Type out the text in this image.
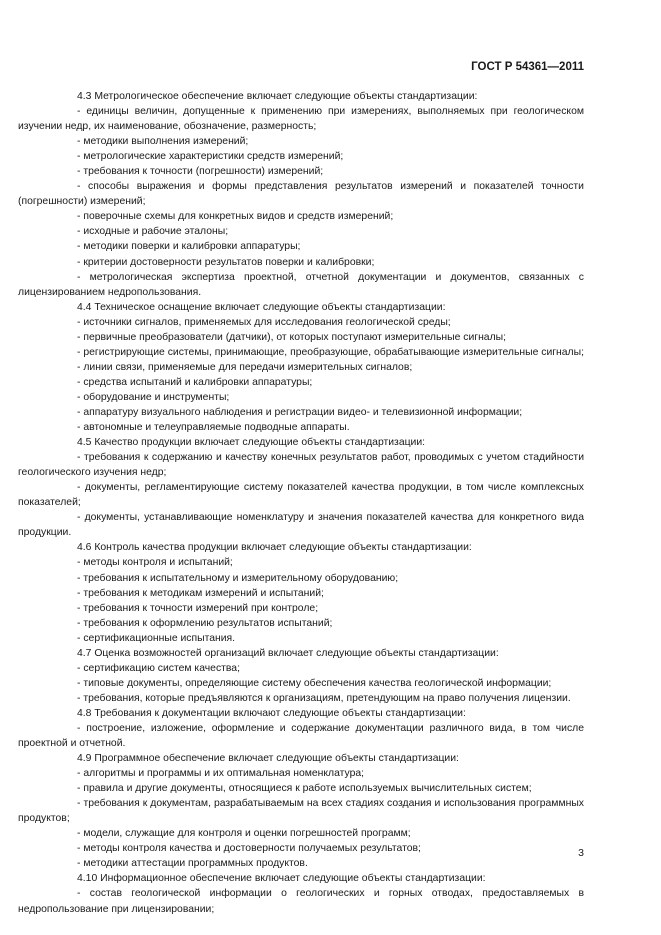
ГОСТ Р 54361—2011

4.3 Метрологическое обеспечение включает следующие объекты стандартизации:

- единицы величин, допущенные к применению при измерениях, выполняемых при геологическом изучении недр, их наименование, обозначение, размерность;

- методики выполнения измерений;

- метрологические характеристики средств измерений;

- требования к точности (погрешности) измерений;

- способы выражения и формы представления результатов измерений и показателей точности (погрешности) измерений;

- поверочные схемы для конкретных видов и средств измерений;

- исходные и рабочие эталоны;

- методики поверки и калибровки аппаратуры;

- критерии достоверности результатов поверки и калибровки;

- метрологическая экспертиза проектной, отчетной документации и документов, связанных с лицензированием недропользования.

4.4 Техническое оснащение включает следующие объекты стандартизации:

- источники сигналов, применяемых для исследования геологической среды;

- первичные преобразователи (датчики), от которых поступают измерительные сигналы;

- регистрирующие системы, принимающие, преобразующие, обрабатывающие измерительные сигналы;

- линии связи, применяемые для передачи измерительных сигналов;

- средства испытаний и калибровки аппаратуры;

- оборудование и инструменты;

- аппаратуру визуального наблюдения и регистрации видео- и телевизионной информации;

- автономные и телеуправляемые подводные аппараты.

4.5 Качество продукции включает следующие объекты стандартизации:

- требования к содержанию и качеству конечных результатов работ, проводимых с учетом стадийности геологического изучения недр;

- документы, регламентирующие систему показателей качества продукции, в том числе комплексных показателей;

- документы, устанавливающие номенклатуру и значения показателей качества для конкретного вида продукции.

4.6 Контроль качества продукции включает следующие объекты стандартизации:

- методы контроля и испытаний;

- требования к испытательному и измерительному оборудованию;

- требования к методикам измерений и испытаний;

- требования к точности измерений при контроле;

- требования к оформлению результатов испытаний;

- сертификационные испытания.

4.7 Оценка возможностей организаций включает следующие объекты стандартизации:

- сертификацию систем качества;

- типовые документы, определяющие систему обеспечения качества геологической информации;

- требования, которые предъявляются к организациям, претендующим на право получения лицензии.

4.8 Требования к документации включают следующие объекты стандартизации:

- построение, изложение, оформление и содержание документации различного вида, в том числе проектной и отчетной.

4.9 Программное обеспечение включает следующие объекты стандартизации:

- алгоритмы и программы и их оптимальная номенклатура;

- правила и другие документы, относящиеся к работе используемых вычислительных систем;

- требования к документам, разрабатываемым на всех стадиях создания и использования программных продуктов;

- модели, служащие для контроля и оценки погрешностей программ;

- методы контроля качества и достоверности получаемых результатов;

- методики аттестации программных продуктов.

4.10 Информационное обеспечение включает следующие объекты стандартизации:

- состав геологической информации о геологических и горных отводах, предоставляемых в недропользование при лицензировании;

3
